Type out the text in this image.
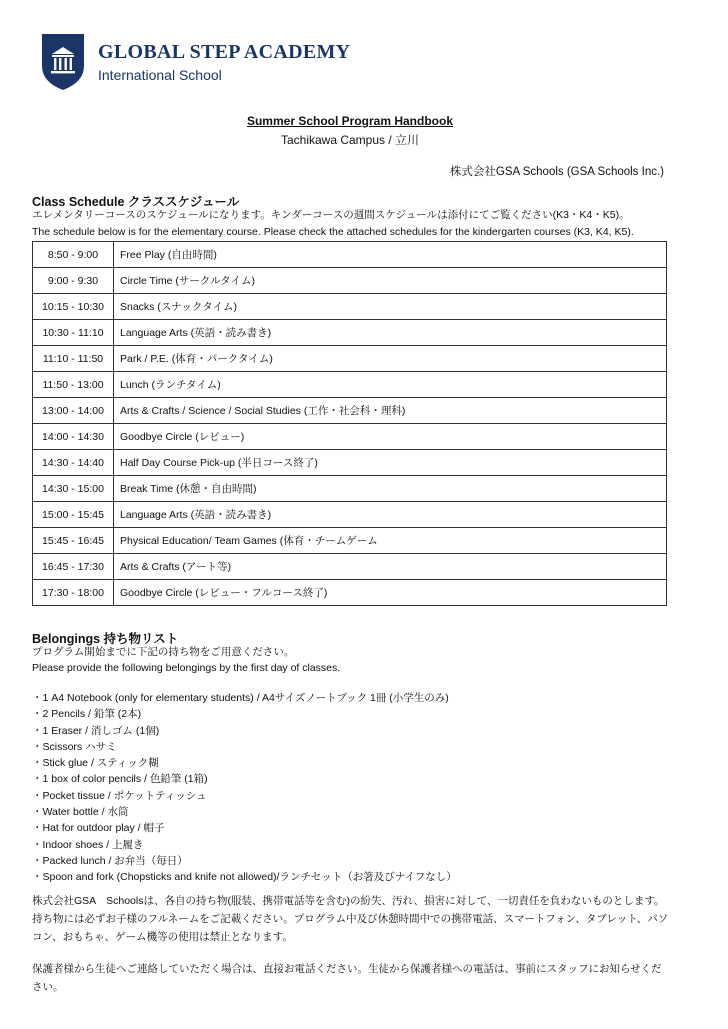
GLOBAL STEP ACADEMY
International School
Summer School Program Handbook
Tachikawa Campus / 立川
株式会社GSA Schools (GSA Schools Inc.)
Class Schedule クラススケジュール
エレメンタリーコースのスケジュールになります。キンダーコースの週間スケジュールは添付にてご覧ください(K3・K4・K5)。
The schedule below is for the elementary course. Please check the attached schedules for the kindergarten courses (K3, K4, K5).
8:50 - 9:00	Free Play (自由時間)
9:00 - 9:30	Circle Time (サークルタイム)
10:15 - 10:30	Snacks (スナックタイム)
10:30 - 11:10	Language Arts (英語・読み書き)
11:10 - 11:50	Park / P.E. (体育・パークタイム)
11:50 - 13:00	Lunch (ランチタイム)
13:00 - 14:00	Arts & Crafts / Science / Social Studies (工作・社会科・理科)
14:00 - 14:30	Goodbye Circle (レビュー)
14:30 - 14:40	Half Day Course Pick-up (半日コース終了)
14:30 - 15:00	Break Time (休憩・自由時間)
15:00 - 15:45	Language Arts (英語・読み書き)
15:45 - 16:45	Physical Education/ Team Games (体育・チームゲーム
16:45 - 17:30	Arts & Crafts (アート等)
17:30 - 18:00	Goodbye Circle (レビュー・フルコース終了)
Belongings 持ち物リスト
プログラム開始までに下記の持ち物をご用意ください。
Please provide the following belongings by the first day of classes.
・ 1 A4 Notebook (only for elementary students) / A4サイズノートブック 1冊 (小学生のみ)
・ 2 Pencils / 鉛筆 (2本)
・ 1 Eraser / 消しゴム (1個)
・ Scissors ハサミ
・ Stick glue / スティック糊
・ 1 box of color pencils / 色鉛筆 (1箱)
・ Pocket tissue / ポケットティッシュ
・ Water bottle / 水筒
・ Hat for outdoor play / 帽子
・ Indoor shoes / 上履き
・ Packed lunch / お弁当（毎日）
・ Spoon and fork (Chopsticks and knife not allowed)/ランチセット（お箸及びナイフなし）
株式会社GSA　Schoolsは、各自の持ち物(服装、携帯電話等を含む)の紛失、汚れ、損害に対して、一切責任を負わないものとします。持ち物には必ずお子様のフルネームをご記載ください。プログラム中及び休憩時間中での携帯電話、スマートフォン、タブレット、パソコン、おもちゃ、ゲーム機等の使用は禁止となります。
保護者様から生徒へご連絡していただく場合は、直接お電話ください。生徒から保護者様への電話は、事前にスタッフにお知らせください。
